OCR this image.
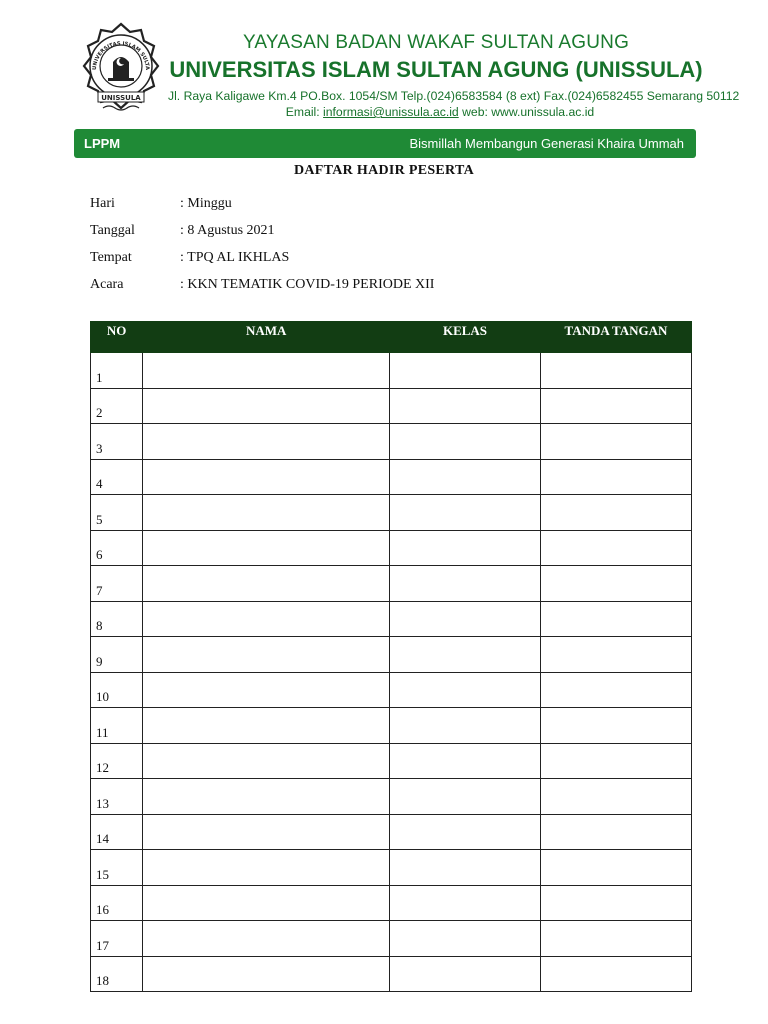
UNIVERSITAS ISLAM SULTA
UNISSULA
YAYASAN BADAN WAKAF SULTAN AGUNG
UNIVERSITAS ISLAM SULTAN AGUNG (UNISSULA)
Jl. Raya Kaligawe Km.4 PO.Box. 1054/SM Telp.(024)6583584 (8 ext) Fax.(024)6582455 Semarang 50112
Email: informasi@unissula.ac.id web: www.unissula.ac.id
LPPM	Bismillah Membangun Generasi Khaira Ummah
DAFTAR HADIR PESERTA
Hari	: Minggu
Tanggal	: 8 Agustus 2021
Tempat	: TPQ AL IKHLAS
Acara	: KKN TEMATIK COVID-19 PERIODE XII
NO	NAMA	KELAS	TANDA TANGAN
1			
2			
3			
4			
5			
6			
7			
8			
9			
10			
11			
12			
13			
14			
15			
16			
17			
18			
